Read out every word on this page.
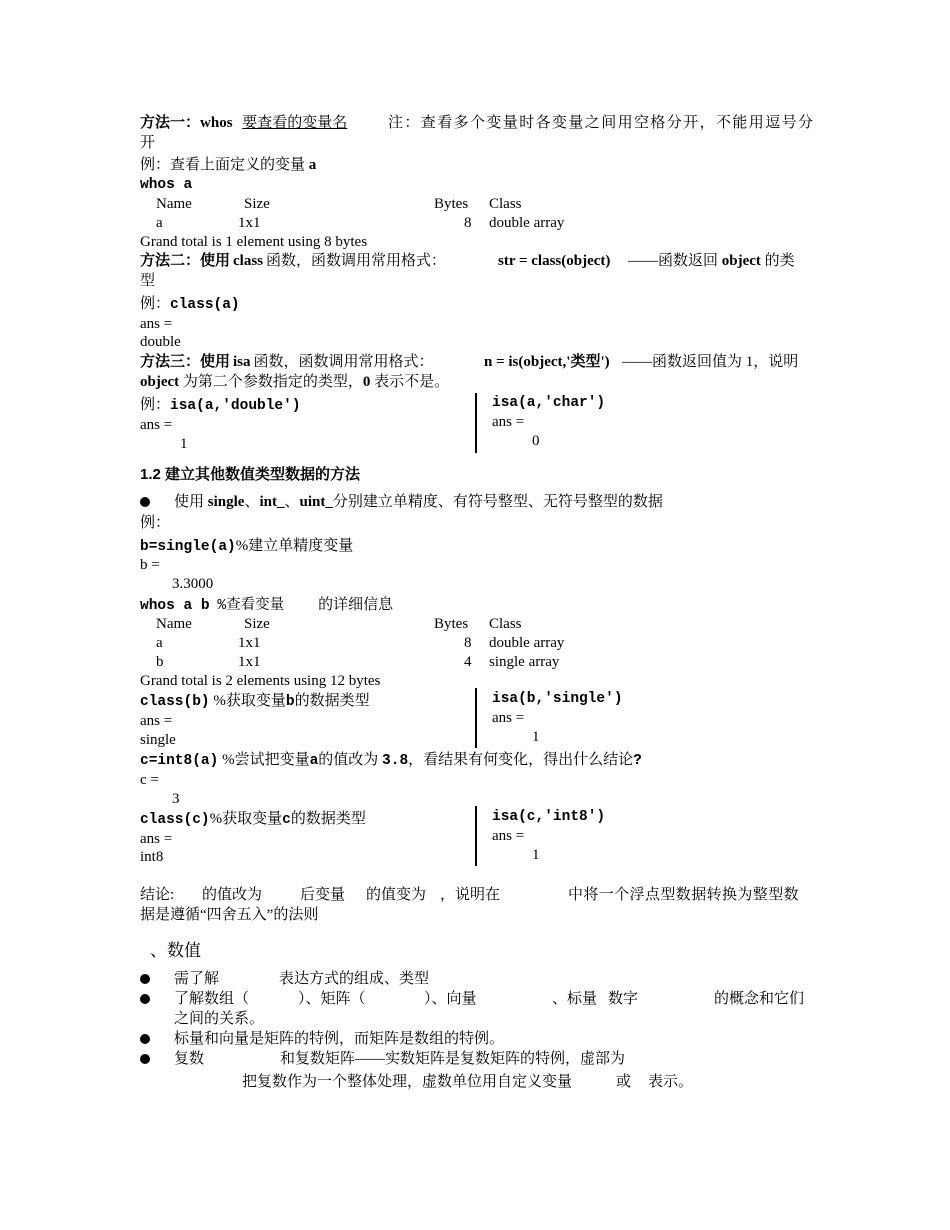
方法一：whos 要查看的变量名	注：查看多个变量时各变量之间用空格分开，不能用逗号分
开
例：查看上面定义的变量 a
whos a
Name	Size	Bytes Class
a	1x1	8 double array
Grand total is 1 element using 8 bytes
方法二：使用 class 函数，函数调用常用格式：	str = class(object) ——函数返回 object 的类
型
例：class(a)
ans =
double
方法三：使用 isa 函数，函数调用常用格式：	n = is(object,'类型') ——函数返回值为 1，说明
object 为第二个参数指定的类型，0 表示不是。
例：isa(a,'double')
ans =
1
isa(a,'char')
ans =
0
1.2 建立其他数值类型数据的方法
使用 single、int_、uint_分别建立单精度、有符号整型、无符号整型的数据
例：
b=single(a)%建立单精度变量
b =
3.3000
whos a b %查看变量 的详细信息
Name	Size	Bytes Class
a	1x1	8 double array
b	1x1	4 single array
Grand total is 2 elements using 12 bytes
class(b) %获取变量b的数据类型
ans =
single
isa(b,'single')
ans =
1
c=int8(a) %尝试把变量a的值改为 3.8，看结果有何变化，得出什么结论?
c =
3
class(c)%获取变量c的数据类型
ans =
int8
isa(c,'int8')
ans =
1
结论: 的值改为	后变量 的值变为 ，说明在	中将一个浮点型数据转换为整型数
据是遵循“四舍五入”的法则
、数值
需了解	表达方式的组成、类型
了解数组（	）、矩阵（	）、向量	、标量 数字	的概念和它们
之间的关系。
标量和向量是矩阵的特例，而矩阵是数组的特例。
复数	和复数矩阵——实数矩阵是复数矩阵的特例，虚部为
把复数作为一个整体处理，虚数单位用自定义变量	或 表示。
